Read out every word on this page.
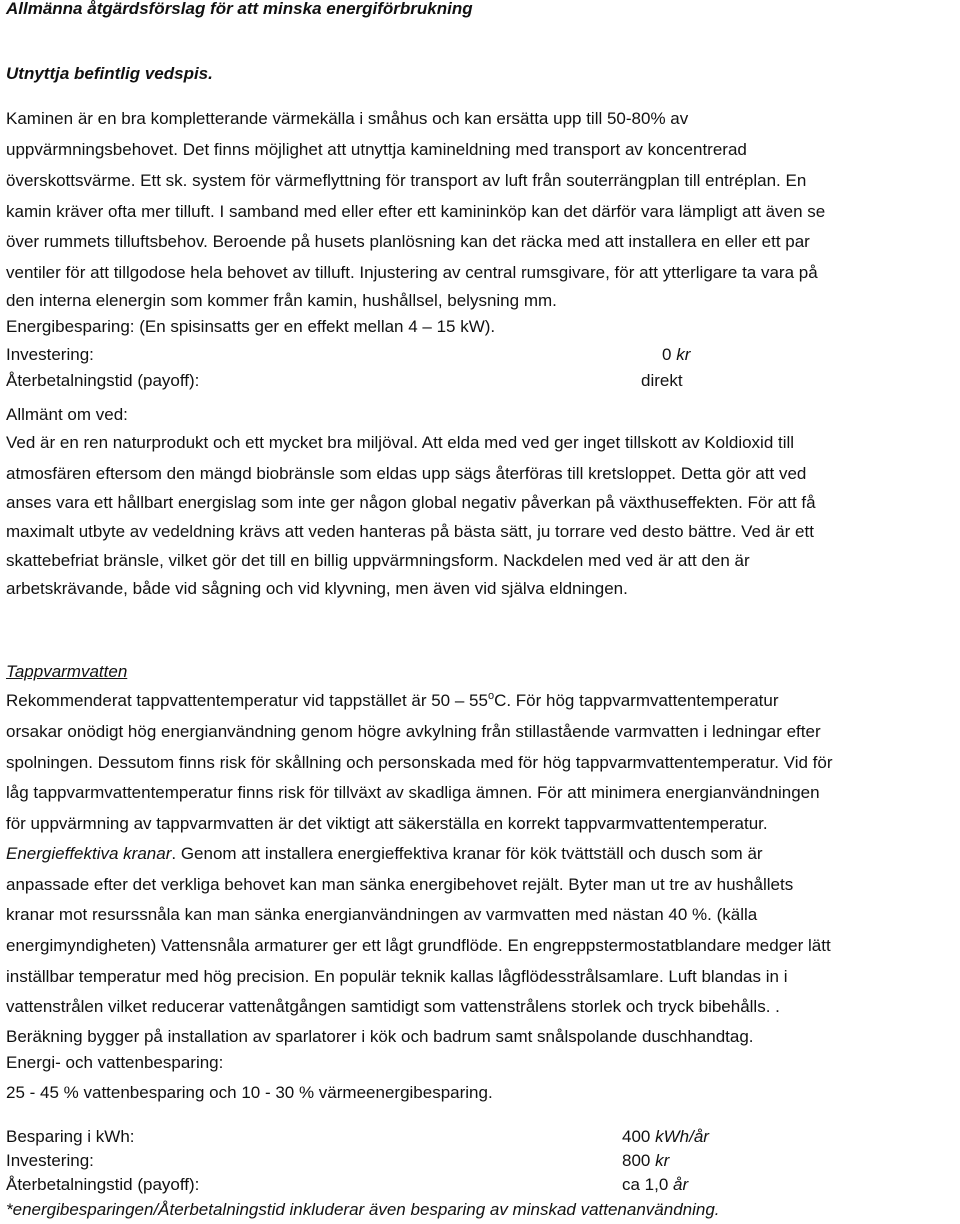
Allmänna åtgärdsförslag för att minska energiförbrukning
Utnyttja befintlig vedspis.
Kaminen är en bra kompletterande värmekälla i småhus och kan ersätta upp till 50-80% av
uppvärmningsbehovet. Det finns möjlighet att utnyttja kamineldning med transport av koncentrerad
överskottsvärme. Ett sk. system för värmeflyttning för transport av luft från souterrängplan till entréplan. En
kamin kräver ofta mer tilluft. I samband med eller efter ett kamininköp kan det därför vara lämpligt att även se
över rummets tilluftsbehov. Beroende på husets planlösning kan det räcka med att installera en eller ett par
ventiler för att tillgodose hela behovet av tilluft. Injustering av central rumsgivare, för att ytterligare ta vara på
den interna elenergin som kommer från kamin, hushållsel, belysning mm.
Energibesparing: (En spisinsatts ger en effekt mellan 4 – 15 kW).
Investering:	0 kr
Återbetalningstid (payoff):	direkt
Allmänt om ved:
Ved är en ren naturprodukt och ett mycket bra miljöval. Att elda med ved ger inget tillskott av Koldioxid till
atmosfären eftersom den mängd biobränsle som eldas upp sägs återföras till kretsloppet. Detta gör att ved
anses vara ett hållbart energislag som inte ger någon global negativ påverkan på växthuseffekten. För att få
maximalt utbyte av vedeldning krävs att veden hanteras på bästa sätt, ju torrare ved desto bättre. Ved är ett
skattebefriat bränsle, vilket gör det till en billig uppvärmningsform. Nackdelen med ved är att den är
arbetskrävande, både vid sågning och vid klyvning, men även vid själva eldningen.
Tappvarmvatten
Rekommenderat tappvattentemperatur vid tappstället är 50 – 55$^o$C. För hög tappvarmvattentemperatur
orsakar onödigt hög energianvändning genom högre avkylning från stillastående varmvatten i ledningar efter
spolningen. Dessutom finns risk för skållning och personskada med för hög tappvarmvattentemperatur. Vid för
låg tappvarmvattentemperatur finns risk för tillväxt av skadliga ämnen. För att minimera energianvändningen
för uppvärmning av tappvarmvatten är det viktigt att säkerställa en korrekt tappvarmvattentemperatur.
Energieffektiva kranar. Genom att installera energieffektiva kranar för kök tvättställ och dusch som är
anpassade efter det verkliga behovet kan man sänka energibehovet rejält. Byter man ut tre av hushållets
kranar mot resurssnåla kan man sänka energianvändningen av varmvatten med nästan 40 %. (källa
energimyndigheten) Vattensnåla armaturer ger ett lågt grundflöde. En engreppstermostatblandare medger lätt
inställbar temperatur med hög precision. En populär teknik kallas lågflödesstrålsamlare. Luft blandas in i
vattenstrålen vilket reducerar vattenåtgången samtidigt som vattenstrålens storlek och tryck bibehålls. .
Beräkning bygger på installation av sparlatorer i kök och badrum samt snålspolande duschhandtag.
Energi- och vattenbesparing:
25 - 45 % vattenbesparing och 10 - 30 % värmeenergibesparing.
Besparing i kWh:	400 kWh/år
Investering:	800 kr
Återbetalningstid (payoff):	ca 1,0 år
*energibesparingen/Återbetalningstid inkluderar även besparing av minskad vattenanvändning.
